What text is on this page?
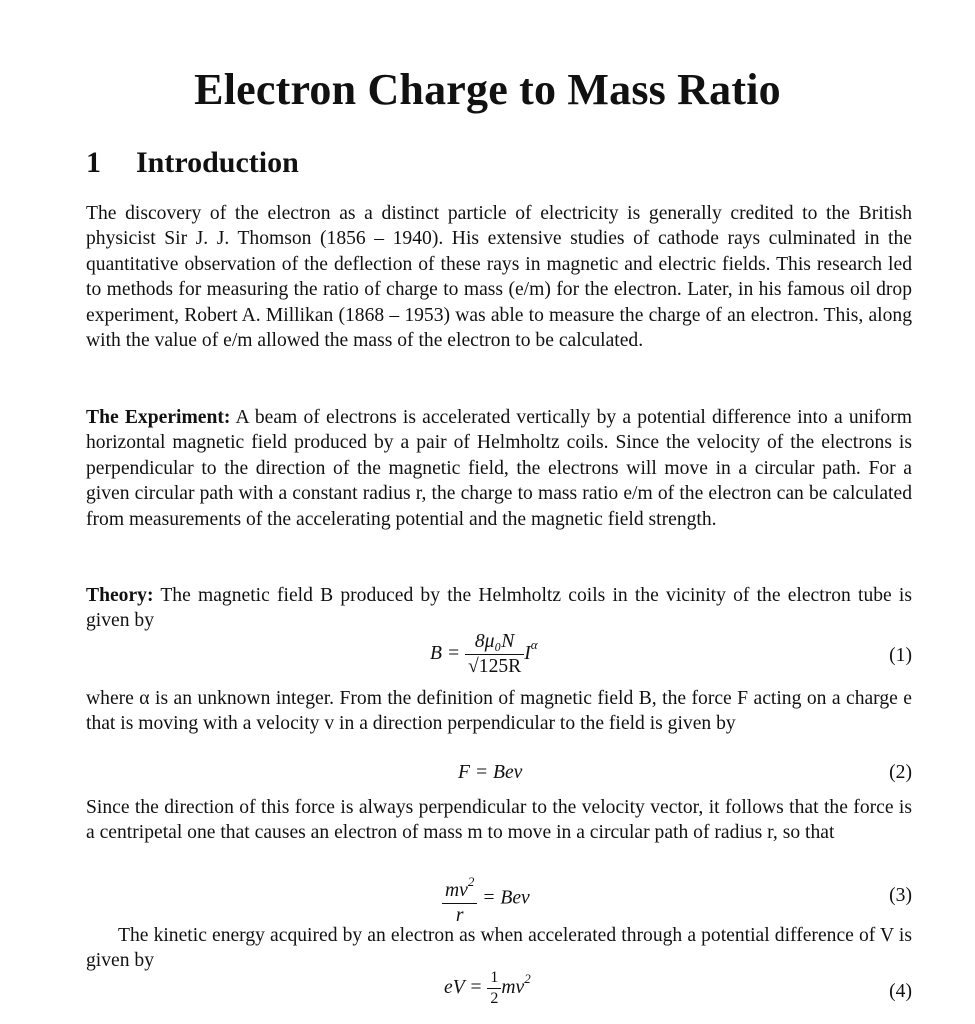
Electron Charge to Mass Ratio
1 Introduction
The discovery of the electron as a distinct particle of electricity is generally credited to the British physicist Sir J. J. Thomson (1856 – 1940). His extensive studies of cathode rays culminated in the quantitative observation of the deflection of these rays in magnetic and electric fields. This research led to methods for measuring the ratio of charge to mass (e/m) for the electron. Later, in his famous oil drop experiment, Robert A. Millikan (1868 – 1953) was able to measure the charge of an electron. This, along with the value of e/m allowed the mass of the electron to be calculated.
The Experiment: A beam of electrons is accelerated vertically by a potential difference into a uniform horizontal magnetic field produced by a pair of Helmholtz coils. Since the velocity of the electrons is perpendicular to the direction of the magnetic field, the electrons will move in a circular path. For a given circular path with a constant radius r, the charge to mass ratio e/m of the electron can be calculated from measurements of the accelerating potential and the magnetic field strength.
Theory: The magnetic field B produced by the Helmholtz coils in the vicinity of the electron tube is given by
$B = \frac{\text{8μ₀N}}{√125R} I^\alpha$
(1)
where α is an unknown integer. From the definition of magnetic field B, the force F acting on a charge e that is moving with a velocity v in a direction perpendicular to the field is given by
F = Bev	(2)
Since the direction of this force is always perpendicular to the velocity vector, it follows that the force is a centripetal one that causes an electron of mass m to move in a circular path of radius r, so that
$\frac{mv^2}{r}$ = Bev	(3)
The kinetic energy acquired by an electron as when accelerated through a potential difference of V is given by
eV = $\frac{1}{2} mv^2$
(4)
